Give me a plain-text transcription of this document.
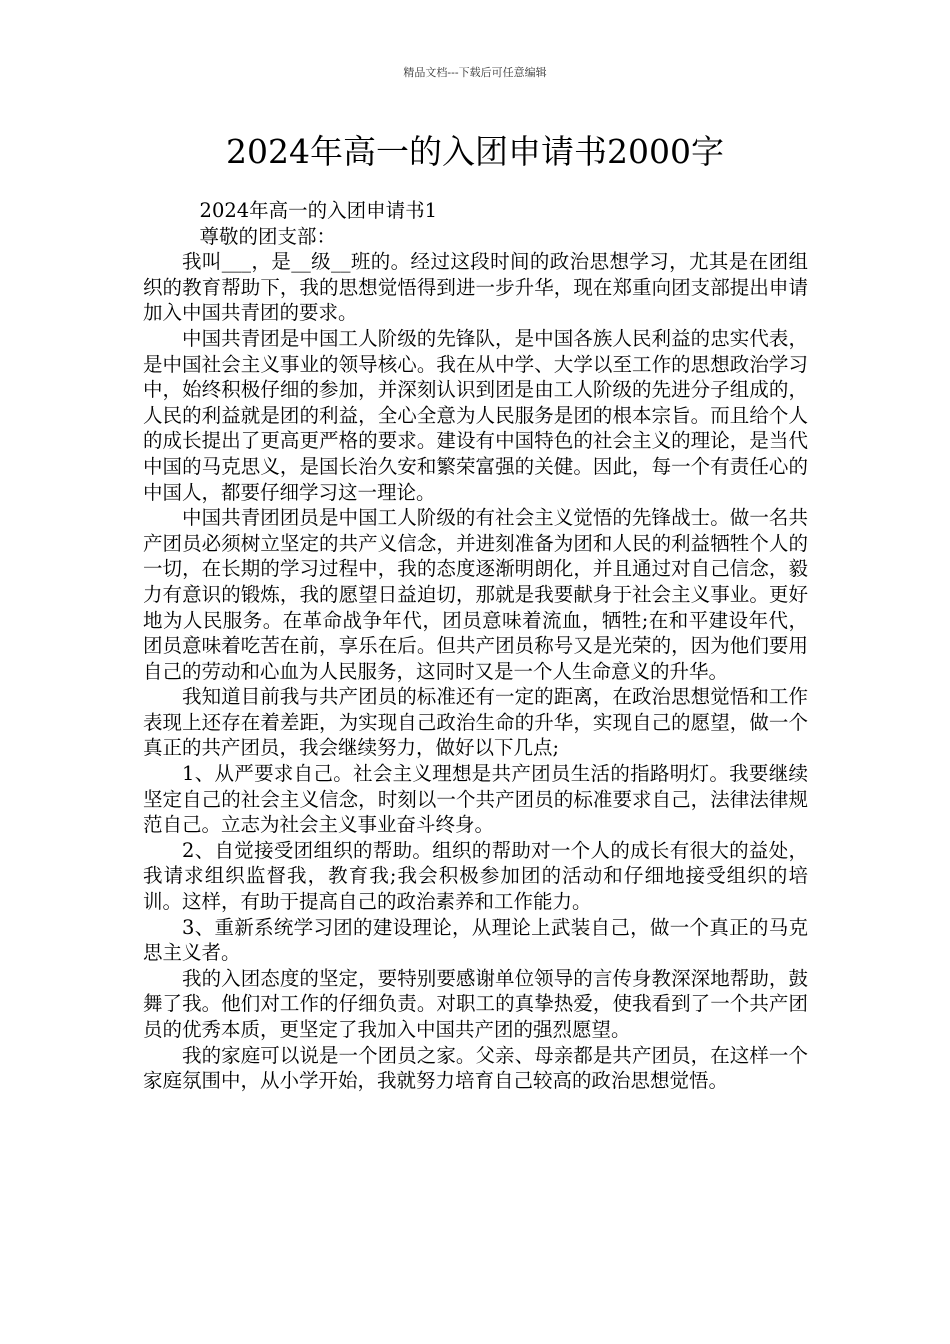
精品文档---下载后可任意编辑
2024年高一的入团申请书2000字

2024年高一的入团申请书1

尊敬的团支部：

我叫___，是__级__班的。经过这段时间的政治思想学习，尤其是在团组织的教育帮助下，我的思想觉悟得到进一步升华，现在郑重向团支部提出申请加入中国共青团的要求。

中国共青团是中国工人阶级的先锋队，是中国各族人民利益的忠实代表，是中国社会主义事业的领导核心。我在从中学、大学以至工作的思想政治学习中，始终积极仔细的参加，并深刻认识到团是由工人阶级的先进分子组成的，人民的利益就是团的利益，全心全意为人民服务是团的根本宗旨。而且给个人的成长提出了更高更严格的要求。建设有中国特色的社会主义的理论，是当代中国的马克思义，是国长治久安和繁荣富强的关健。因此，每一个有责任心的中国人，都要仔细学习这一理论。

中国共青团团员是中国工人阶级的有社会主义觉悟的先锋战士。做一名共产团员必须树立坚定的共产义信念，并进刻准备为团和人民的利益牺牲个人的一切，在长期的学习过程中，我的态度逐渐明朗化，并且通过对自己信念，毅力有意识的锻炼，我的愿望日益迫切，那就是我要献身于社会主义事业。更好地为人民服务。在革命战争年代，团员意味着流血，牺牲;在和平建设年代，团员意味着吃苦在前，享乐在后。但共产团员称号又是光荣的，因为他们要用自己的劳动和心血为人民服务，这同时又是一个人生命意义的升华。

我知道目前我与共产团员的标准还有一定的距离，在政治思想觉悟和工作表现上还存在着差距，为实现自己政治生命的升华，实现自己的愿望，做一个真正的共产团员，我会继续努力，做好以下几点;

1、从严要求自己。社会主义理想是共产团员生活的指路明灯。我要继续坚定自己的社会主义信念，时刻以一个共产团员的标准要求自己，法律法律规范自己。立志为社会主义事业奋斗终身。

2、自觉接受团组织的帮助。组织的帮助对一个人的成长有很大的益处，我请求组织监督我，教育我;我会积极参加团的活动和仔细地接受组织的培训。这样，有助于提高自己的政治素养和工作能力。

3、重新系统学习团的建设理论，从理论上武装自己，做一个真正的马克思主义者。

我的入团态度的坚定，要特别要感谢单位领导的言传身教深深地帮助，鼓舞了我。他们对工作的仔细负责。对职工的真挚热爱，使我看到了一个共产团员的优秀本质，更坚定了我加入中国共产团的强烈愿望。

我的家庭可以说是一个团员之家。父亲、母亲都是共产团员，在这样一个家庭氛围中，从小学开始，我就努力培育自己较高的政治思想觉悟。
